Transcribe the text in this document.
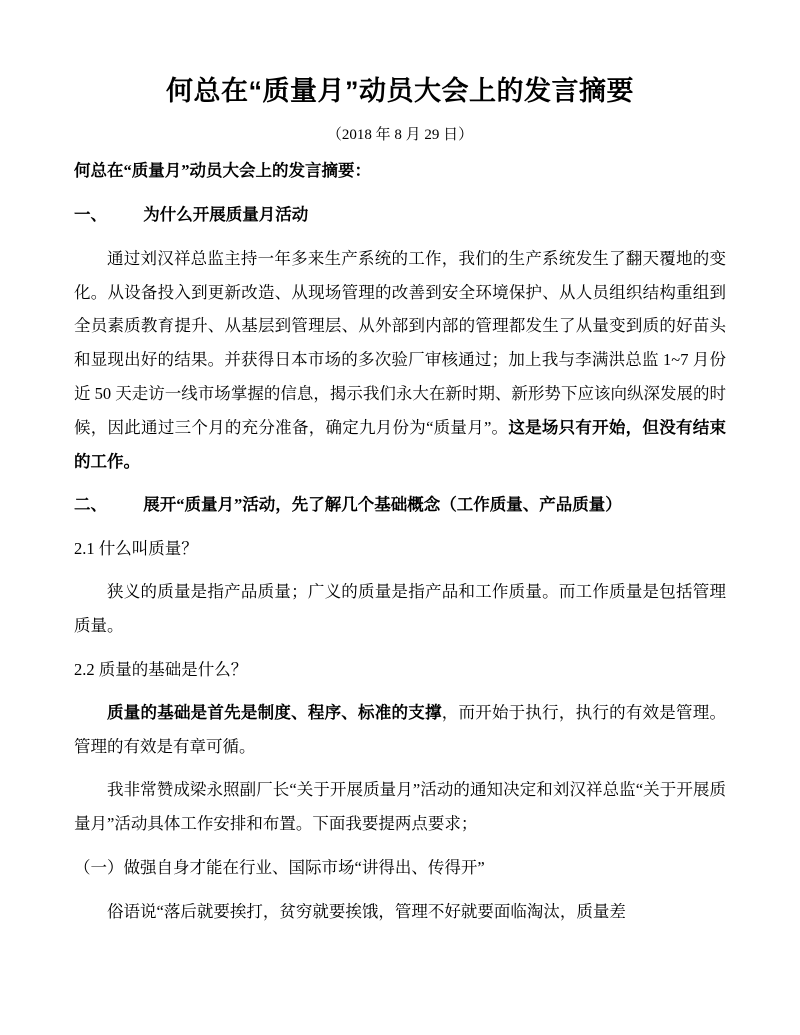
何总在“质量月”动员大会上的发言摘要
（2018 年 8 月 29 日）

何总在“质量月”动员大会上的发言摘要：

一、 为什么开展质量月活动

通过刘汉祥总监主持一年多来生产系统的工作，我们的生产系统发生了翻天覆地的变化。从设备投入到更新改造、从现场管理的改善到安全环境保护、从人员组织结构重组到全员素质教育提升、从基层到管理层、从外部到内部的管理都发生了从量变到质的好苗头和显现出好的结果。并获得日本市场的多次验厂审核通过；加上我与李满洪总监 1~7 月份近 50 天走访一线市场掌握的信息，揭示我们永大在新时期、新形势下应该向纵深发展的时候，因此通过三个月的充分准备，确定九月份为“质量月”。这是场只有开始，但没有结束的工作。

二、 展开“质量月”活动，先了解几个基础概念（工作质量、产品质量）

2.1 什么叫质量？

狭义的质量是指产品质量；广义的质量是指产品和工作质量。而工作质量是包括管理质量。

2.2 质量的基础是什么？

质量的基础是首先是制度、程序、标准的支撑，而开始于执行，执行的有效是管理。管理的有效是有章可循。

我非常赞成梁永照副厂长“关于开展质量月”活动的通知决定和刘汉祥总监“关于开展质量月”活动具体工作安排和布置。下面我要提两点要求；

（一）做强自身才能在行业、国际市场“讲得出、传得开”

俗语说“落后就要挨打，贫穷就要挨饿，管理不好就要面临淘汰，质量差
